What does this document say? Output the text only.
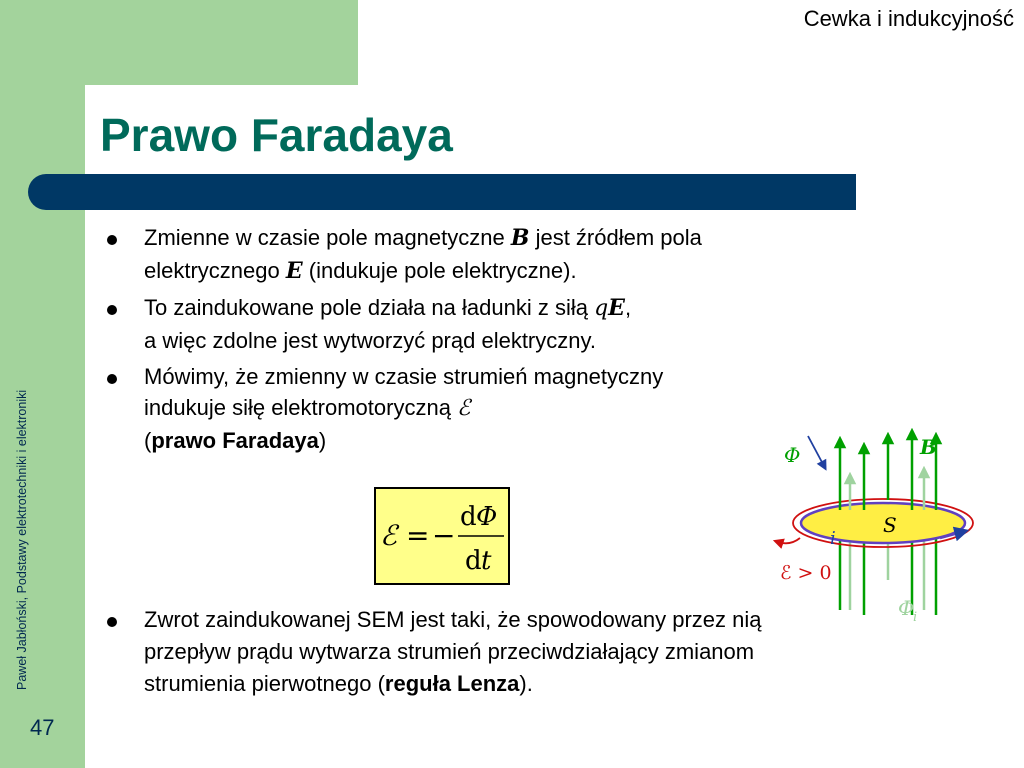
Cewka i indukcyjność
Prawo Faradaya
Paweł Jabłoński, Podstawy elektrotechniki i elektroniki
47
Zmienne w czasie pole magnetyczne B jest źródłem pola elektrycznego E (indukuje pole elektryczne).
To zaindukowane pole działa na ładunki z siłą qE,
a więc zdolne jest wytworzyć prąd elektryczny.
Mówimy, że zmienny w czasie strumień magnetyczny indukuje siłę elektromotoryczną ℰ
(prawo Faradaya)
Zwrot zaindukowanej SEM jest taki, że spowodowany przez nią przepływ prądu wytwarza strumień przeciwdziałający zmianom strumienia pierwotnego (reguła Lenza).
ℰ = −
d Φ
d t
Φ	B
S
i
ℰ > 0
Φ
i
